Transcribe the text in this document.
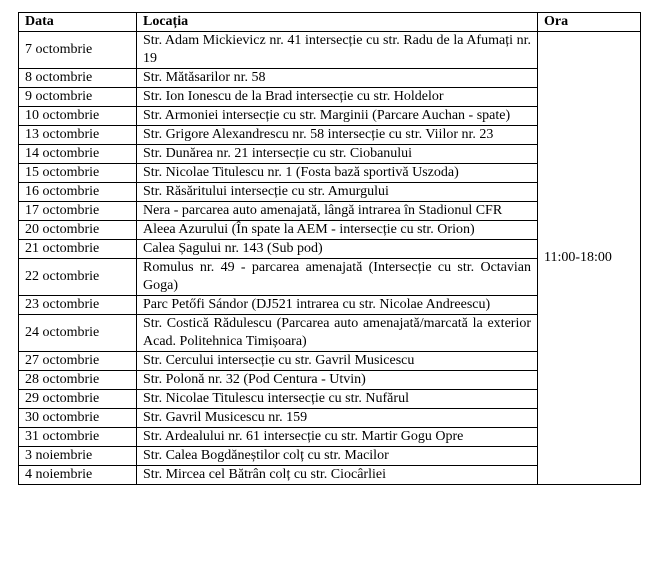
Data	Locația	Ora
7 octombrie	Str. Adam Mickievicz nr. 41 intersecție cu str. Radu de la Afumați nr. 19	11:00-18:00
8 octombrie	Str. Mătăsarilor nr. 58	
9 octombrie	Str. Ion Ionescu de la Brad intersecție cu str. Holdelor	
10 octombrie	Str. Armoniei intersecție cu str. Marginii (Parcare Auchan - spate)	
13 octombrie	Str. Grigore Alexandrescu nr. 58 intersecție cu str. Viilor nr. 23	
14 octombrie	Str. Dunărea nr. 21 intersecție cu str. Ciobanului	
15 octombrie	Str. Nicolae Titulescu nr. 1 (Fosta bază sportivă Uszoda)	
16 octombrie	Str. Răsăritului intersecție cu str. Amurgului	
17 octombrie	Nera - parcarea auto amenajată, lângă intrarea în Stadionul CFR	
20 octombrie	Aleea Azurului (În spate la AEM - intersecție cu str. Orion)	
21 octombrie	Calea Șagului nr. 143 (Sub pod)	
22 octombrie	Romulus nr. 49 - parcarea amenajată (Intersecție cu str. Octavian Goga)	
23 octombrie	Parc Petőfi Sándor (DJ521 intrarea cu str. Nicolae Andreescu)	
24 octombrie	Str. Costică Rădulescu (Parcarea auto amenajată/marcată la exterior Acad. Politehnica Timișoara)	
27 octombrie	Str. Cercului intersecție cu str. Gavril Musicescu	
28 octombrie	Str. Polonă nr. 32 (Pod Centura - Utvin)	
29 octombrie	Str. Nicolae Titulescu intersecție cu str. Nufărul	
30 octombrie	Str. Gavril Musicescu nr. 159	
31 octombrie	Str. Ardealului nr. 61 intersecție cu str. Martir Gogu Opre	
3 noiembrie	Str. Calea Bogdăneștilor colț cu str. Macilor	
4 noiembrie	Str. Mircea cel Bătrân colț cu str. Ciocârliei	
